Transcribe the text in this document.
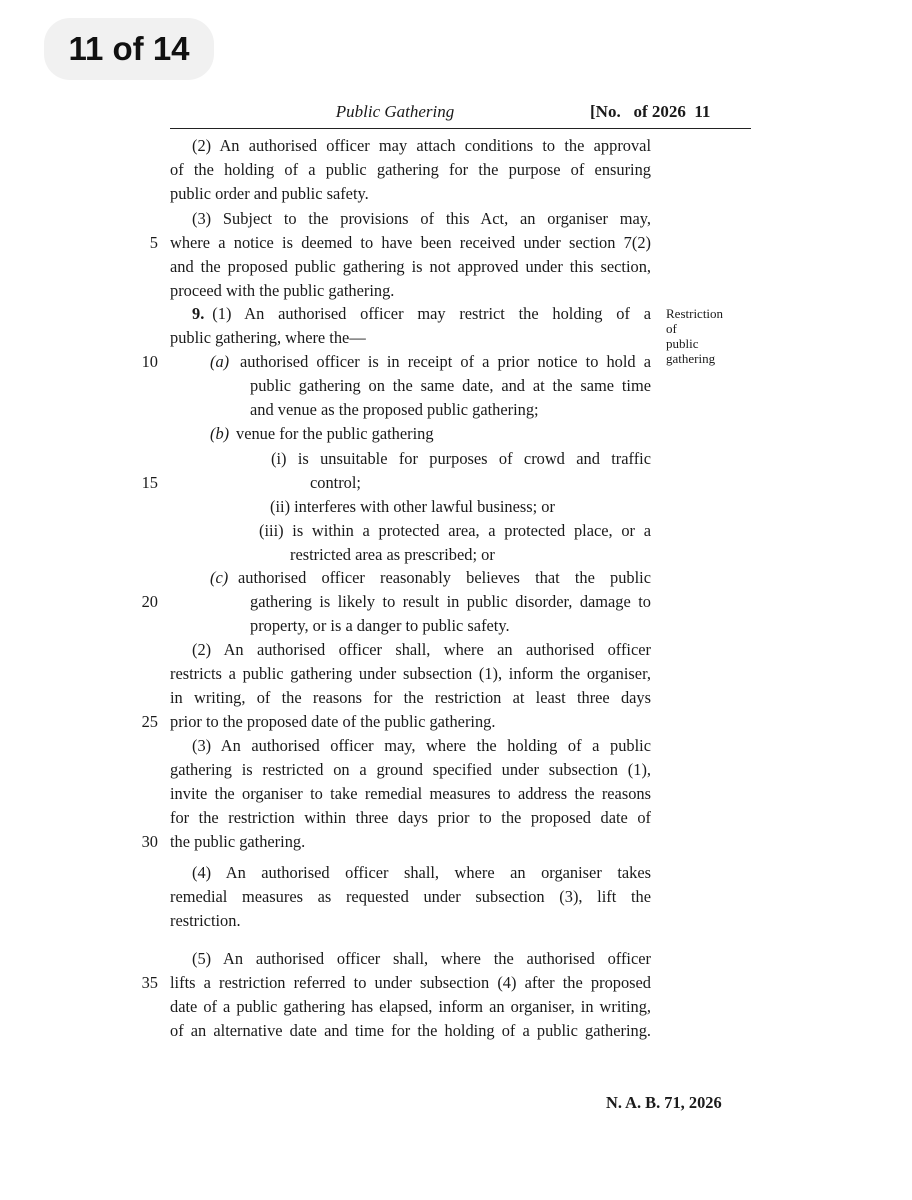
11 of 14
Public Gathering	[No.   of 2026  11
(2) An authorised officer may attach conditions to the approval
of the holding of a public gathering for the purpose of ensuring
public order and public safety.
(3) Subject to the provisions of this Act, an organiser may,
where a notice is deemed to have been received under section 7(2)
and the proposed public gathering is not approved under this section,
proceed with the public gathering.
9. (1) An authorised officer may restrict the holding of a
public gathering, where the—
(a) authorised officer is in receipt of a prior notice to hold a
public gathering on the same date, and at the same time
and venue as the proposed public gathering;
(b) venue for the public gathering
(i) is unsuitable for purposes of crowd and traffic
control;
(ii) interferes with other lawful business; or
(iii) is within a protected area, a protected place, or a
restricted area as prescribed; or
(c) authorised officer reasonably believes that the public
gathering is likely to result in public disorder, damage to
property, or is a danger to public safety.
(2) An authorised officer shall, where an authorised officer
restricts a public gathering under subsection (1), inform the organiser,
in writing, of the reasons for the restriction at least three days
prior to the proposed date of the public gathering.
(3) An authorised officer may, where the holding of a public
gathering is restricted on a ground specified under subsection (1),
invite the organiser to take remedial measures to address the reasons
for the restriction within three days prior to the proposed date of
the public gathering.
(4) An authorised officer shall, where an organiser takes
remedial measures as requested under subsection (3), lift the
restriction.
(5) An authorised officer shall, where the authorised officer
lifts a restriction referred to under subsection (4) after the proposed
date of a public gathering has elapsed, inform an organiser, in writing,
of an alternative date and time for the holding of a public gathering.
5
10
15
20
25
30
35
Restriction
of
public
gathering
N. A. B. 71, 2026
